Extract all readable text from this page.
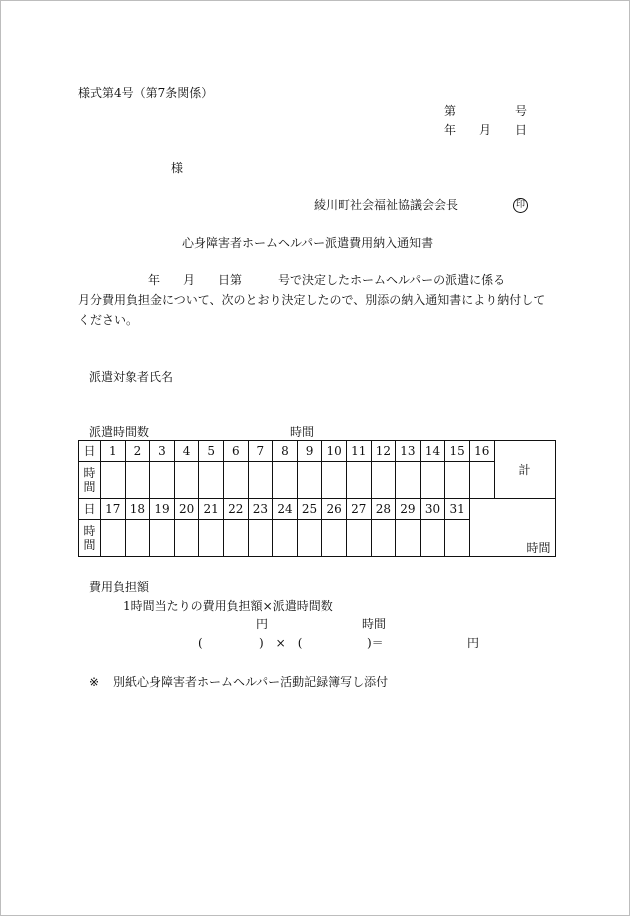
様式第4号（第7条関係）
第	号
年 月 日
様
綾川町社会福祉協議会会長	印
心身障害者ホームヘルパー派遣費用納入通知書
年 月 日第	号で決定したホームヘルパーの派遣に係る
月分費用負担金について、次のとおり決定したので、別添の納入通知書により納付して
ください。
派遣対象者氏名
派遣時間数	時間
日	1	2	3	4	5	6	7	8	9	10	11	12	13	14	15	16	計
時間																	
日	17	18	19	20	21	22	23	24	25	26	27	28	29	30	31	時間	
時間																	
費用負担額
1時間当たりの費用負担額×派遣時間数
円	時間
(	)　×　(	)＝	円
※ 別紙心身障害者ホームヘルパー活動記録簿写し添付
